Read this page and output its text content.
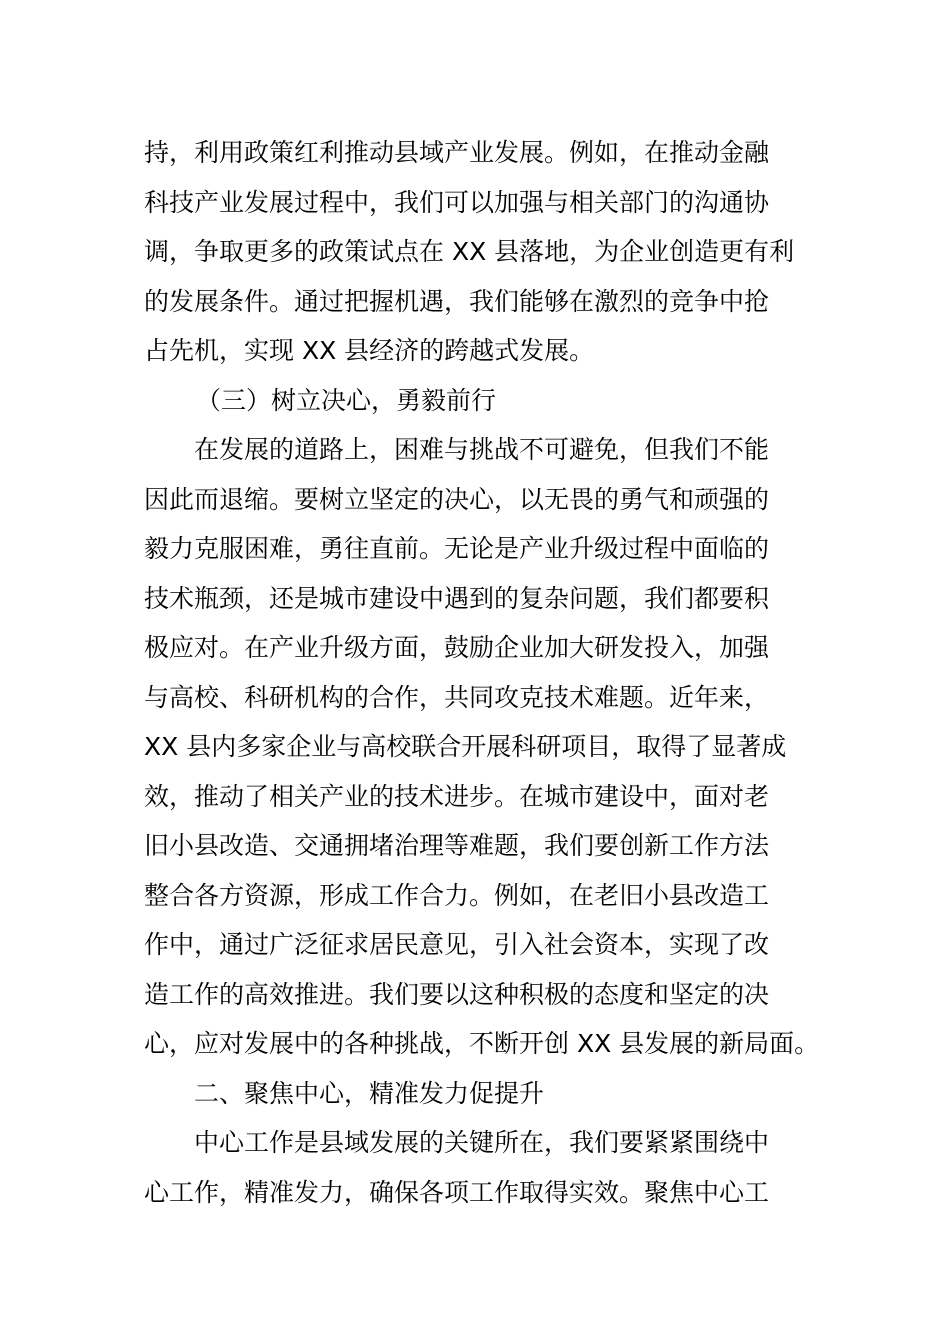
持，利用政策红利推动县域产业发展。例如，在推动金融
科技产业发展过程中，我们可以加强与相关部门的沟通协
调，争取更多的政策试点在 XX 县落地，为企业创造更有利
的发展条件。通过把握机遇，我们能够在激烈的竞争中抢
占先机，实现 XX 县经济的跨越式发展。
（三）树立决心，勇毅前行
在发展的道路上，困难与挑战不可避免，但我们不能
因此而退缩。要树立坚定的决心，以无畏的勇气和顽强的
毅力克服困难，勇往直前。无论是产业升级过程中面临的
技术瓶颈，还是城市建设中遇到的复杂问题，我们都要积
极应对。在产业升级方面，鼓励企业加大研发投入，加强
与高校、科研机构的合作，共同攻克技术难题。近年来，
XX 县内多家企业与高校联合开展科研项目，取得了显著成
效，推动了相关产业的技术进步。在城市建设中，面对老
旧小县改造、交通拥堵治理等难题，我们要创新工作方法
整合各方资源，形成工作合力。例如，在老旧小县改造工
作中，通过广泛征求居民意见，引入社会资本，实现了改
造工作的高效推进。我们要以这种积极的态度和坚定的决
心，应对发展中的各种挑战，不断开创 XX 县发展的新局面。
二、聚焦中心，精准发力促提升
中心工作是县域发展的关键所在，我们要紧紧围绕中
心工作，精准发力，确保各项工作取得实效。聚焦中心工
